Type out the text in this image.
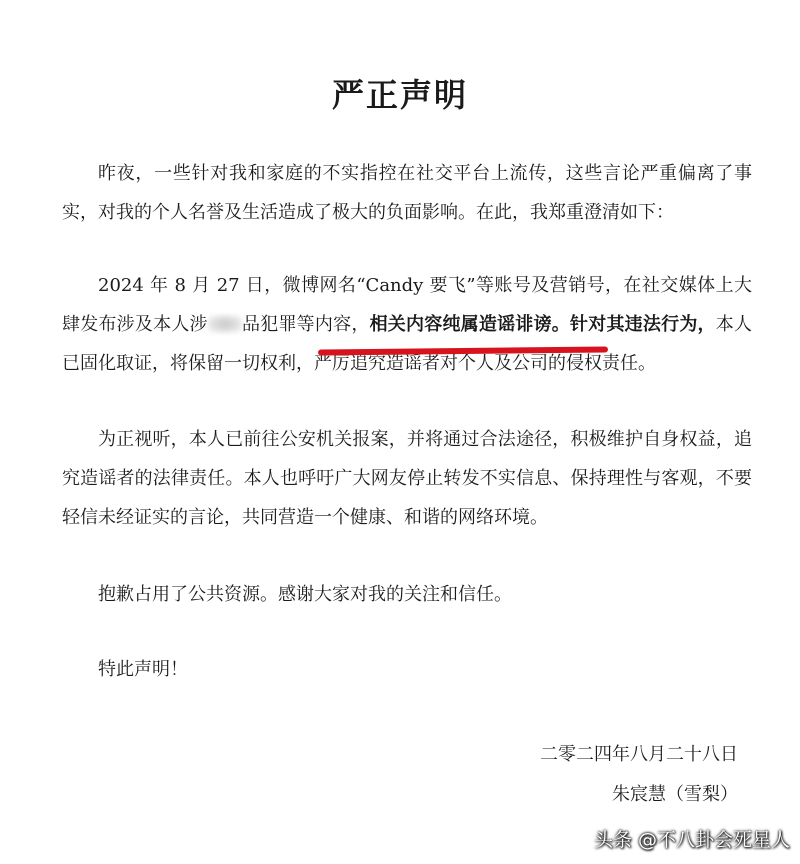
严正声明
昨夜，一些针对我和家庭的不实指控在社交平台上流传，这些言论严重偏离了事实，对我的个人名誉及生活造成了极大的负面影响。在此，我郑重澄清如下：
2024 年 8 月 27 日，微博网名“Candy 要飞”等账号及营销号，在社交媒体上大肆发布涉及本人涉 品犯罪等内容，相关内容纯属造谣诽谤。针对其违法行为，本人已固化取证，将保留一切权利，严厉追究造谣者对个人及公司的侵权责任。
为正视听，本人已前往公安机关报案，并将通过合法途径，积极维护自身权益，追究造谣者的法律责任。本人也呼吁广大网友停止转发不实信息、保持理性与客观，不要轻信未经证实的言论，共同营造一个健康、和谐的网络环境。
抱歉占用了公共资源。感谢大家对我的关注和信任。
特此声明！
二零二四年八月二十八日
朱宸慧（雪梨）
头条 @不八卦会死星人
